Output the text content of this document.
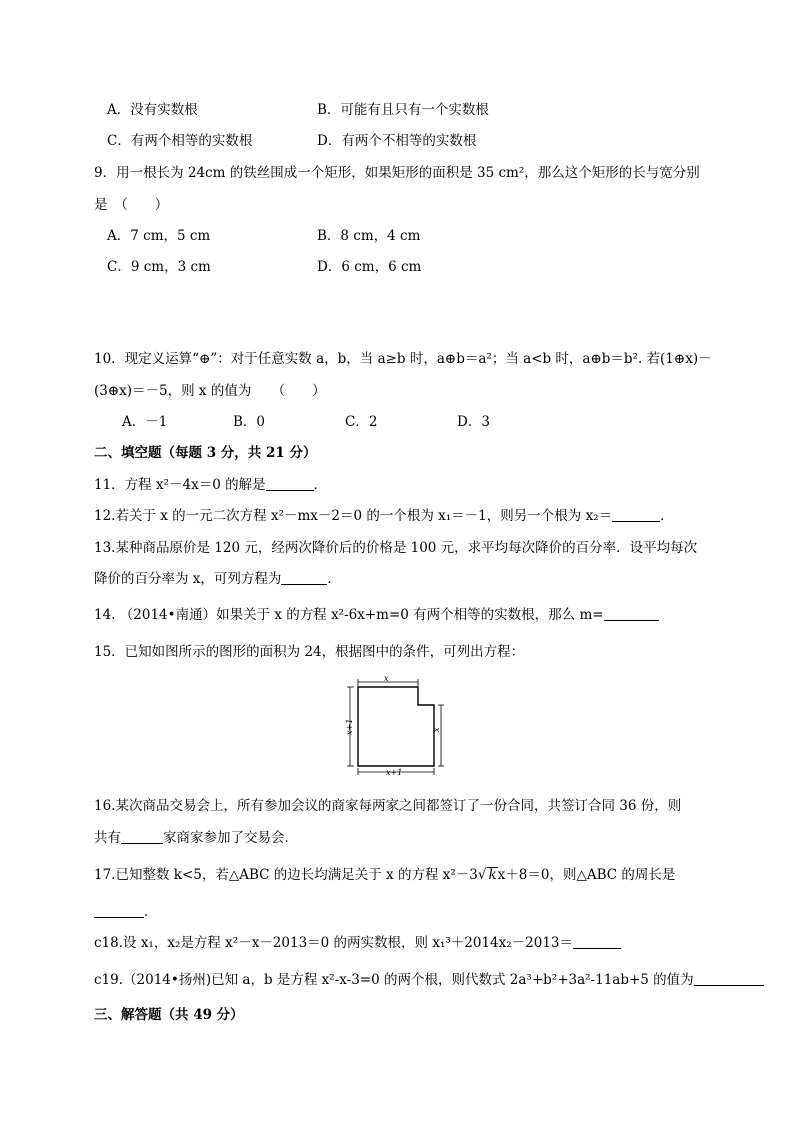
A．没有实数根	B．可能有且只有一个实数根
C．有两个相等的实数根	D．有两个不相等的实数根
9．用一根长为 24cm 的铁丝围成一个矩形，如果矩形的面积是 35 cm²，那么这个矩形的长与宽分别
是　（　　）
A．7 cm，5 cm	B．8 cm，4 cm
C．9 cm，3 cm	D．6 cm，6 cm
10．现定义运算“⊕”：对于任意实数 a，b，当 a≥b 时，a⊕b＝a²；当 a<b 时，a⊕b＝b². 若(1⊕x)－
(3⊕x)＝－5，则 x 的值为　　（　　）
A．－1	B．0	C．2	D．3
二、填空题（每题 3 分，共 21 分）
11．方程 x²－4x＝0 的解是	．
12.若关于 x 的一元二次方程 x²－mx－2＝0 的一个根为 x₁＝－1，则另一个根为 x₂＝	．
13.某种商品原价是 120 元，经两次降价后的价格是 100 元，求平均每次降价的百分率．设平均每次
降价的百分率为 x，可列方程为	．
14. （2014•南通）如果关于 x 的方程 x²-6x+m=0 有两个相等的实数根，那么 m=
15．已知如图所示的图形的面积为 24，根据图中的条件，可列出方程：
x
x+1	x
x+1
16.某次商品交易会上，所有参加会议的商家每两家之间都签订了一份合同，共签订合同 36 份，则
共有	家商家参加了交易会．
17.已知整数 k<5，若△ABC 的边长均满足关于 x 的方程 x²－3√ kx＋8＝0，则△ABC 的周长是
．
c18.设 x₁，x₂是方程 x²－x－2013＝0 的两实数根，则 x₁³＋2014x₂－2013＝
c19.（2014•扬州)已知 a，b 是方程 x²-x-3=0 的两个根，则代数式 2a³+b²+3a²-11ab+5 的值为
三、解答题（共 49 分）
